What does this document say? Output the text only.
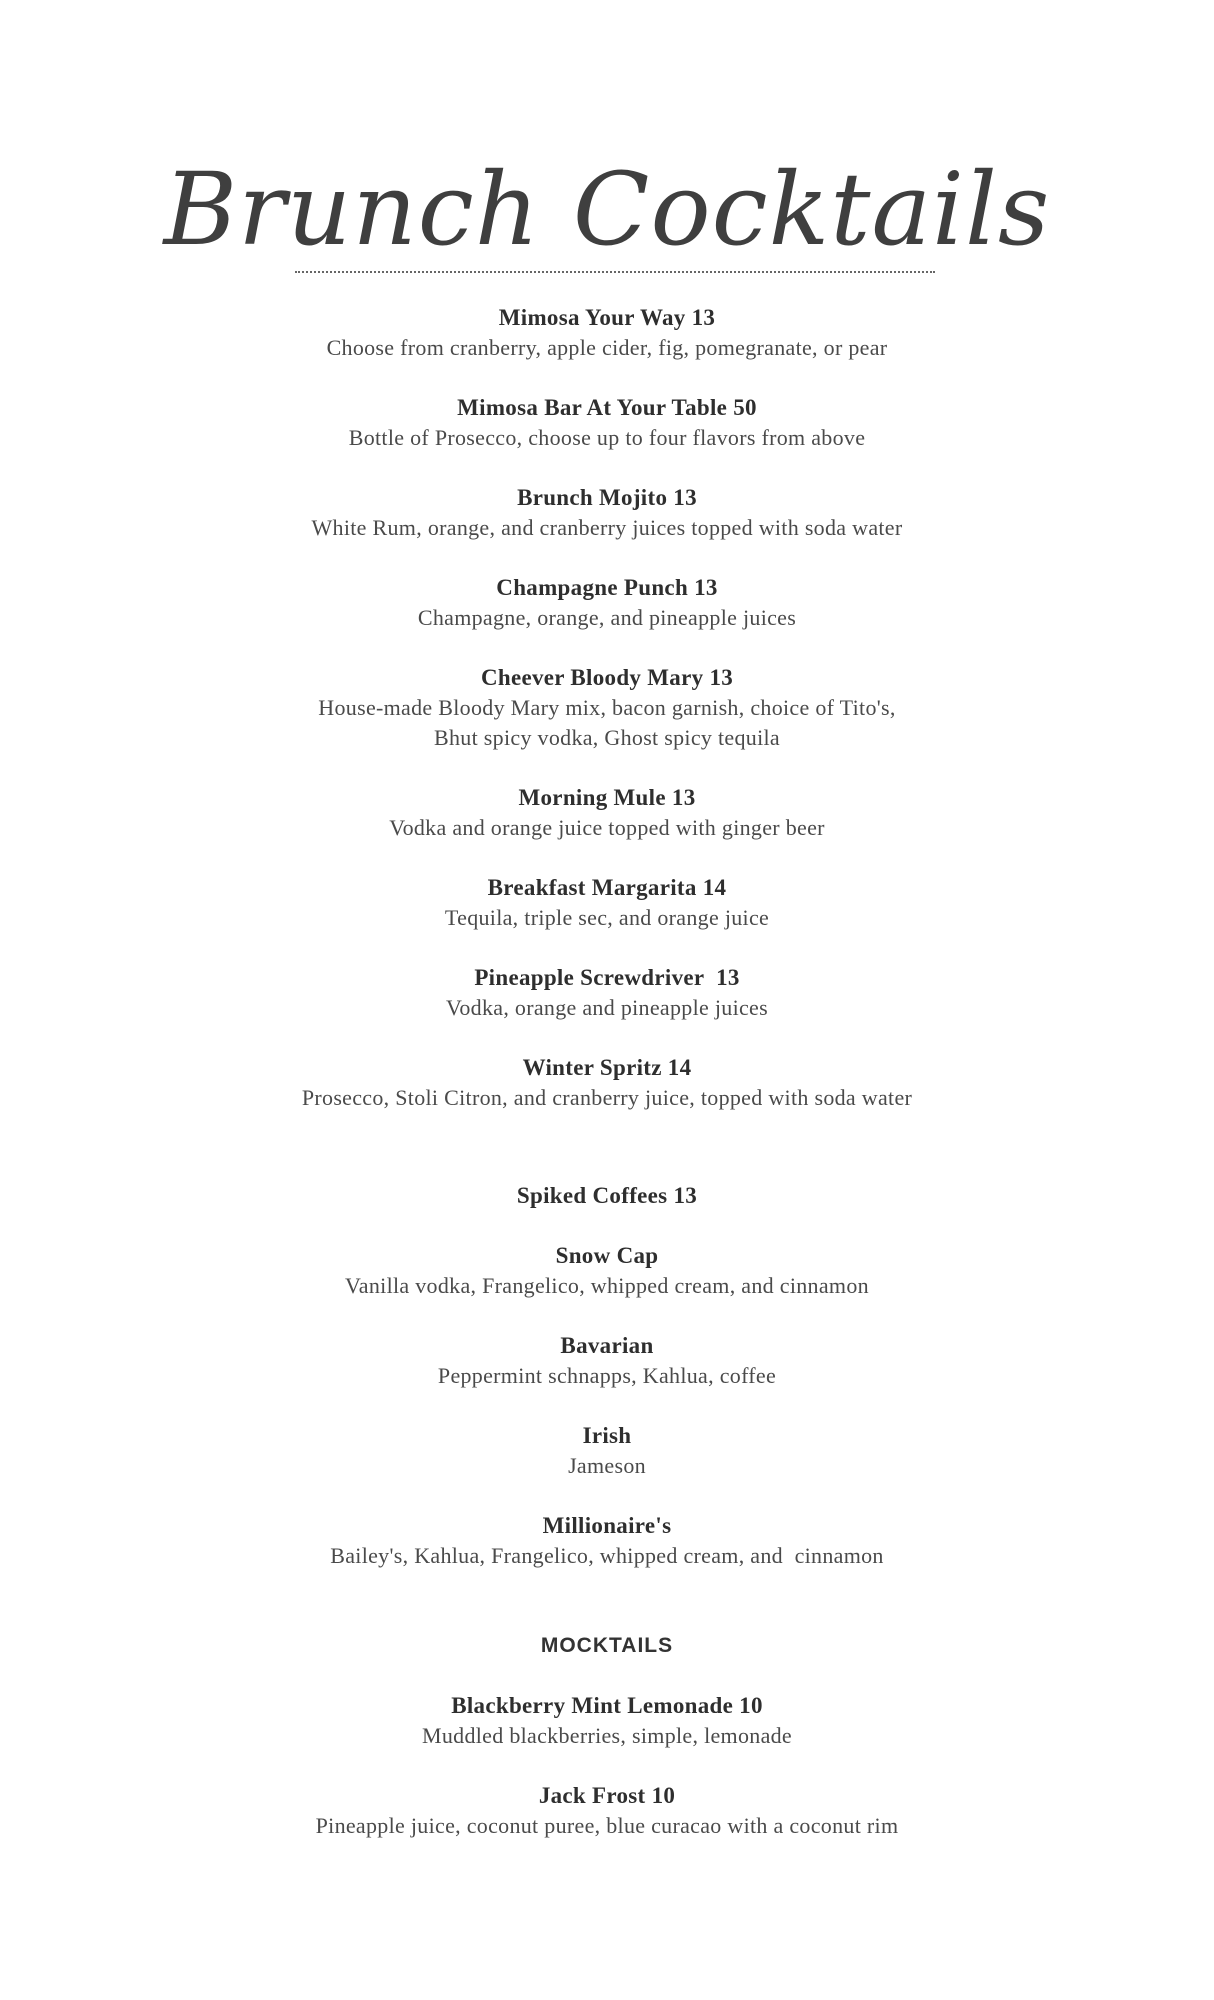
Brunch Cocktails
Mimosa Your Way 13
Choose from cranberry, apple cider, fig, pomegranate, or pear
Mimosa Bar At Your Table 50
Bottle of Prosecco, choose up to four flavors from above
Brunch Mojito 13
White Rum, orange, and cranberry juices topped with soda water
Champagne Punch 13
Champagne, orange, and pineapple juices
Cheever Bloody Mary 13
House-made Bloody Mary mix, bacon garnish, choice of Tito's,
Bhut spicy vodka, Ghost spicy tequila
Morning Mule 13
Vodka and orange juice topped with ginger beer
Breakfast Margarita 14
Tequila, triple sec, and orange juice
Pineapple Screwdriver  13
Vodka, orange and pineapple juices
Winter Spritz 14
Prosecco, Stoli Citron, and cranberry juice, topped with soda water
Spiked Coffees 13
Snow Cap
Vanilla vodka, Frangelico, whipped cream, and cinnamon
Bavarian
Peppermint schnapps, Kahlua, coffee
Irish
Jameson
Millionaire's
Bailey's, Kahlua, Frangelico, whipped cream, and  cinnamon
MOCKTAILS
Blackberry Mint Lemonade 10
Muddled blackberries, simple, lemonade
Jack Frost 10
Pineapple juice, coconut puree, blue curacao with a coconut rim
